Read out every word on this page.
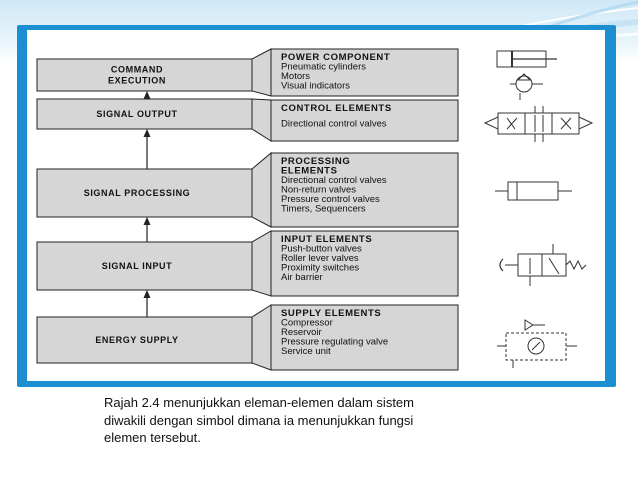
COMMAND
EXECUTION
SIGNAL OUTPUT
SIGNAL PROCESSING
SIGNAL INPUT
ENERGY SUPPLY
POWER COMPONENT
Pneumatic cylinders
Motors
Visual indicators
CONTROL ELEMENTS
Directional control valves
PROCESSING
ELEMENTS
Directional control valves
Non-return valves
Pressure control valves
Timers, Sequencers
INPUT ELEMENTS
Push-button valves
Roller lever valves
Proximity switches
Air barrier
SUPPLY ELEMENTS
Compressor
Reservoir
Pressure regulating valve
Service unit
Rajah 2.4 menunjukkan eleman-elemen dalam sistem
diwakili dengan simbol dimana ia menunjukkan fungsi
elemen tersebut.
